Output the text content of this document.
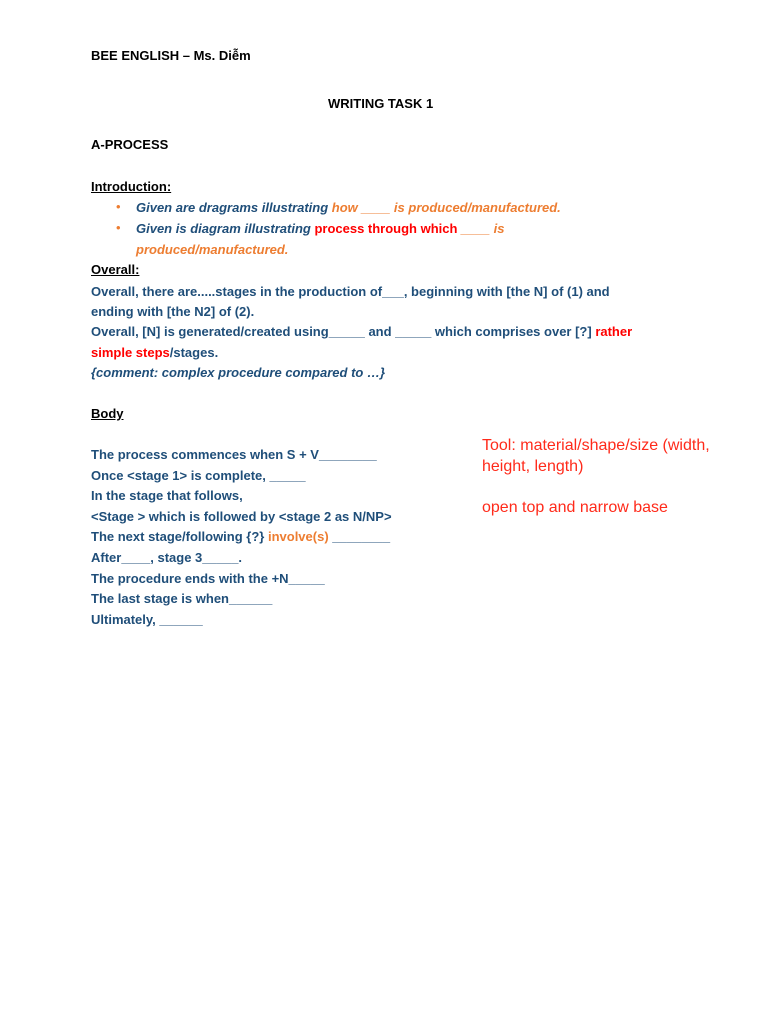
BEE ENGLISH – Ms. Diễm
WRITING TASK 1
A-PROCESS
Introduction:
• Given are dragrams illustrating how ____ is produced/manufactured.
• Given is diagram illustrating process through which ____ is
produced/manufactured.
Overall:
Overall, there are.....stages in the production of___, beginning with [the N] of (1) and
ending with [the N2] of (2).
Overall, [N] is generated/created using_____ and _____ which comprises over [?] rather
simple steps/stages.
{comment: complex procedure compared to …}
Body
The process commences when S + V________
Once <stage 1> is complete, _____
In the stage that follows,
<Stage > which is followed by <stage 2 as N/NP>
The next stage/following {?} involve(s) ________
After____, stage 3_____.
The procedure ends with the +N_____
The last stage is when______
Ultimately, ______
Tool: material/shape/size (width,
height, length)
open top and narrow base
